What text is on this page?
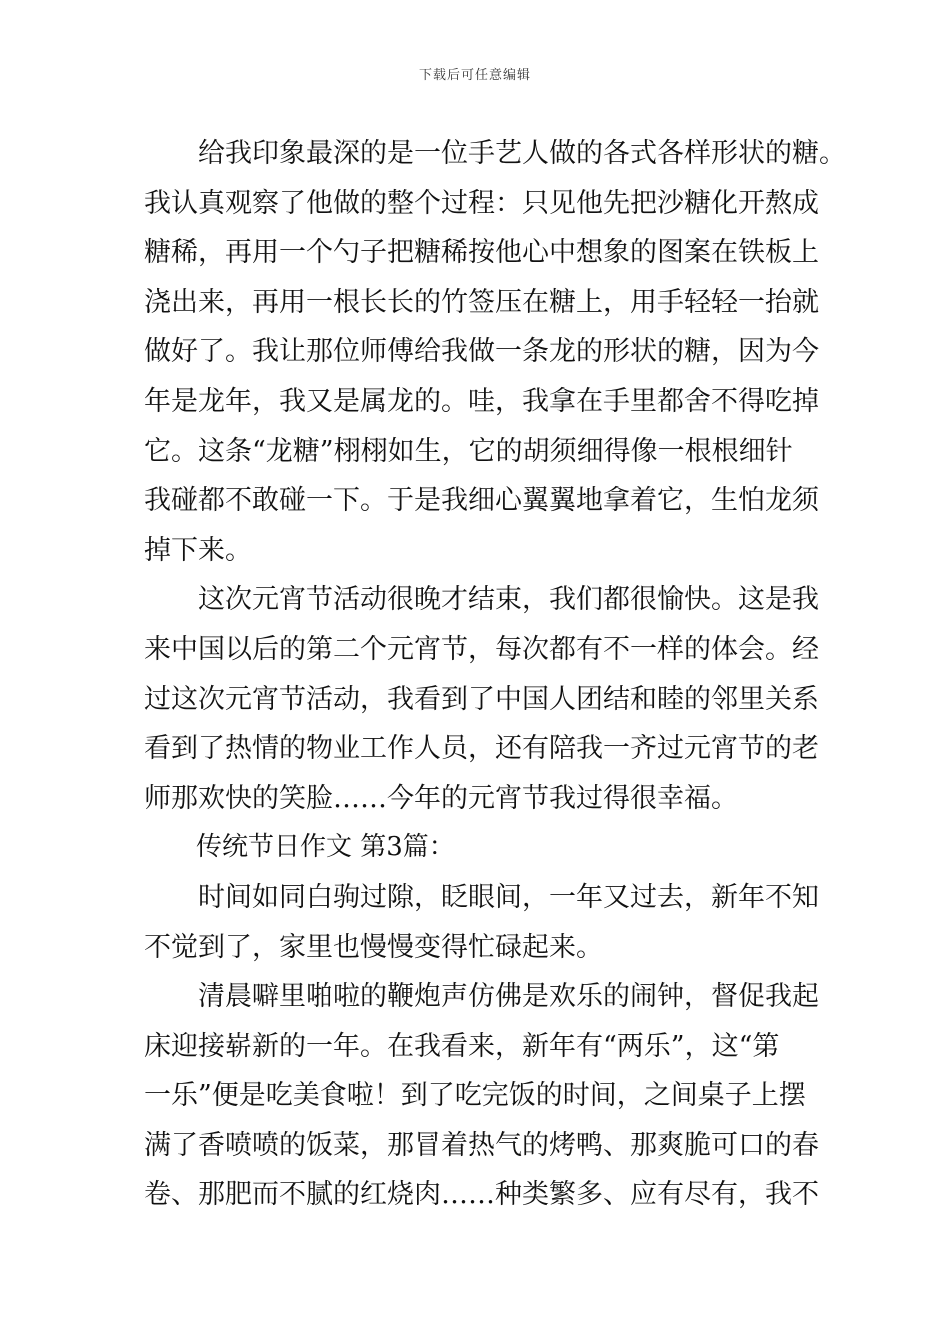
下载后可任意编辑
给我印象最深的是一位手艺人做的各式各样形状的糖。
我认真观察了他做的整个过程：只见他先把沙糖化开熬成
糖稀，再用一个勺子把糖稀按他心中想象的图案在铁板上
浇出来，再用一根长长的竹签压在糖上，用手轻轻一抬就
做好了。我让那位师傅给我做一条龙的形状的糖，因为今
年是龙年，我又是属龙的。哇，我拿在手里都舍不得吃掉
它。这条“龙糖”栩栩如生，它的胡须细得像一根根细针
我碰都不敢碰一下。于是我细心翼翼地拿着它，生怕龙须
掉下来。
这次元宵节活动很晚才结束，我们都很愉快。这是我
来中国以后的第二个元宵节，每次都有不一样的体会。经
过这次元宵节活动，我看到了中国人团结和睦的邻里关系
看到了热情的物业工作人员，还有陪我一齐过元宵节的老
师那欢快的笑脸……今年的元宵节我过得很幸福。
传统节日作文 第3篇：
时间如同白驹过隙，眨眼间，一年又过去，新年不知
不觉到了，家里也慢慢变得忙碌起来。
清晨噼里啪啦的鞭炮声仿佛是欢乐的闹钟，督促我起
床迎接崭新的一年。在我看来，新年有“两乐”，这“第
一乐”便是吃美食啦！到了吃完饭的时间，之间桌子上摆
满了香喷喷的饭菜，那冒着热气的烤鸭、那爽脆可口的春
卷、那肥而不腻的红烧肉……种类繁多、应有尽有，我不
